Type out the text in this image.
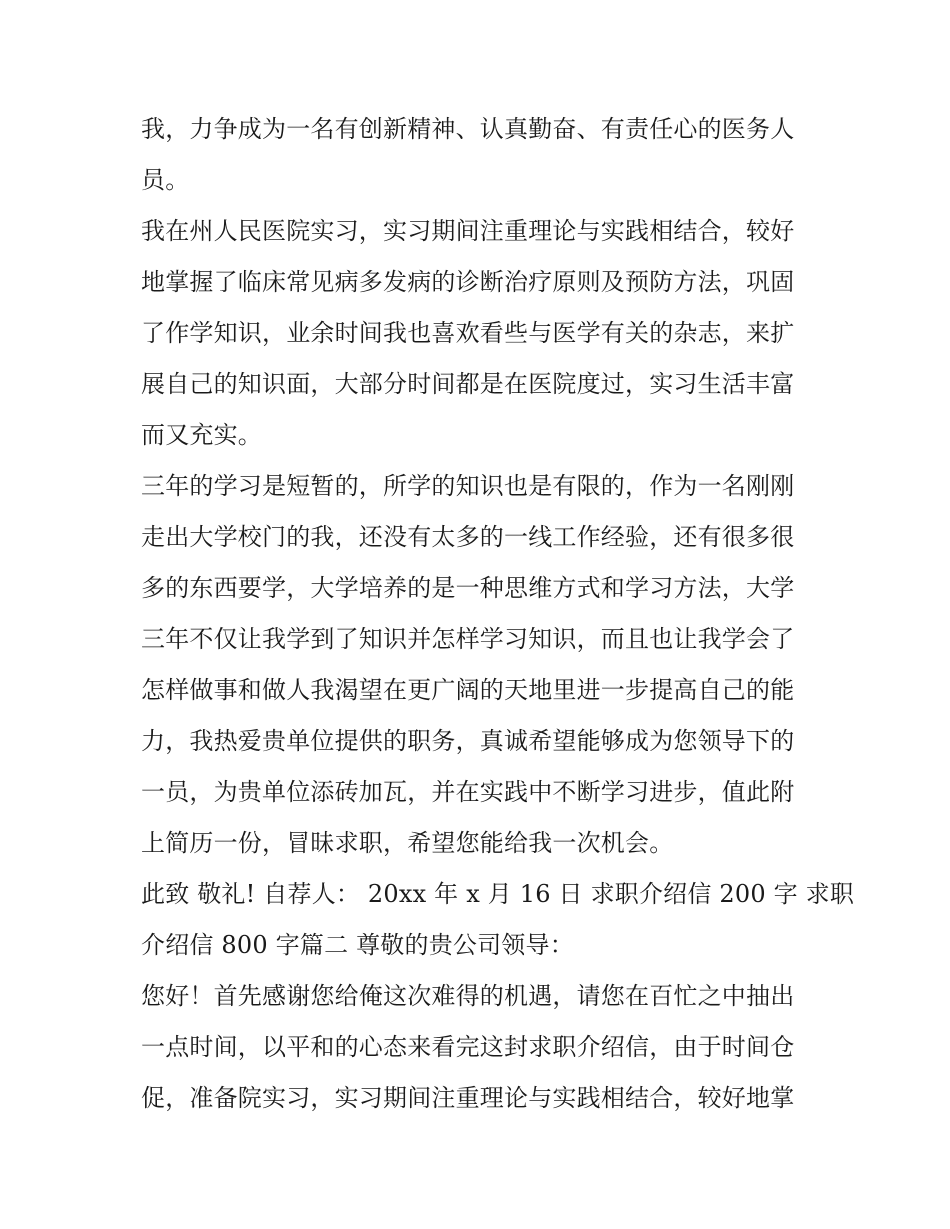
我，力争成为一名有创新精神、认真勤奋、有责任心的医务人
员。
我在州人民医院实习，实习期间注重理论与实践相结合，较好
地掌握了临床常见病多发病的诊断治疗原则及预防方法，巩固
了作学知识，业余时间我也喜欢看些与医学有关的杂志，来扩
展自己的知识面，大部分时间都是在医院度过，实习生活丰富
而又充实。
三年的学习是短暂的，所学的知识也是有限的，作为一名刚刚
走出大学校门的我，还没有太多的一线工作经验，还有很多很
多的东西要学，大学培养的是一种思维方式和学习方法，大学
三年不仅让我学到了知识并怎样学习知识，而且也让我学会了
怎样做事和做人我渴望在更广阔的天地里进一步提高自己的能
力，我热爱贵单位提供的职务，真诚希望能够成为您领导下的
一员，为贵单位添砖加瓦，并在实践中不断学习进步，值此附
上简历一份，冒昧求职，希望您能给我一次机会。
此致 敬礼! 自荐人： 20xx 年 x 月 16 日 求职介绍信 200 字 求职
介绍信 800 字篇二 尊敬的贵公司领导：
您好！首先感谢您给俺这次难得的机遇，请您在百忙之中抽出
一点时间，以平和的心态来看完这封求职介绍信，由于时间仓
促，准备院实习，实习期间注重理论与实践相结合，较好地掌
